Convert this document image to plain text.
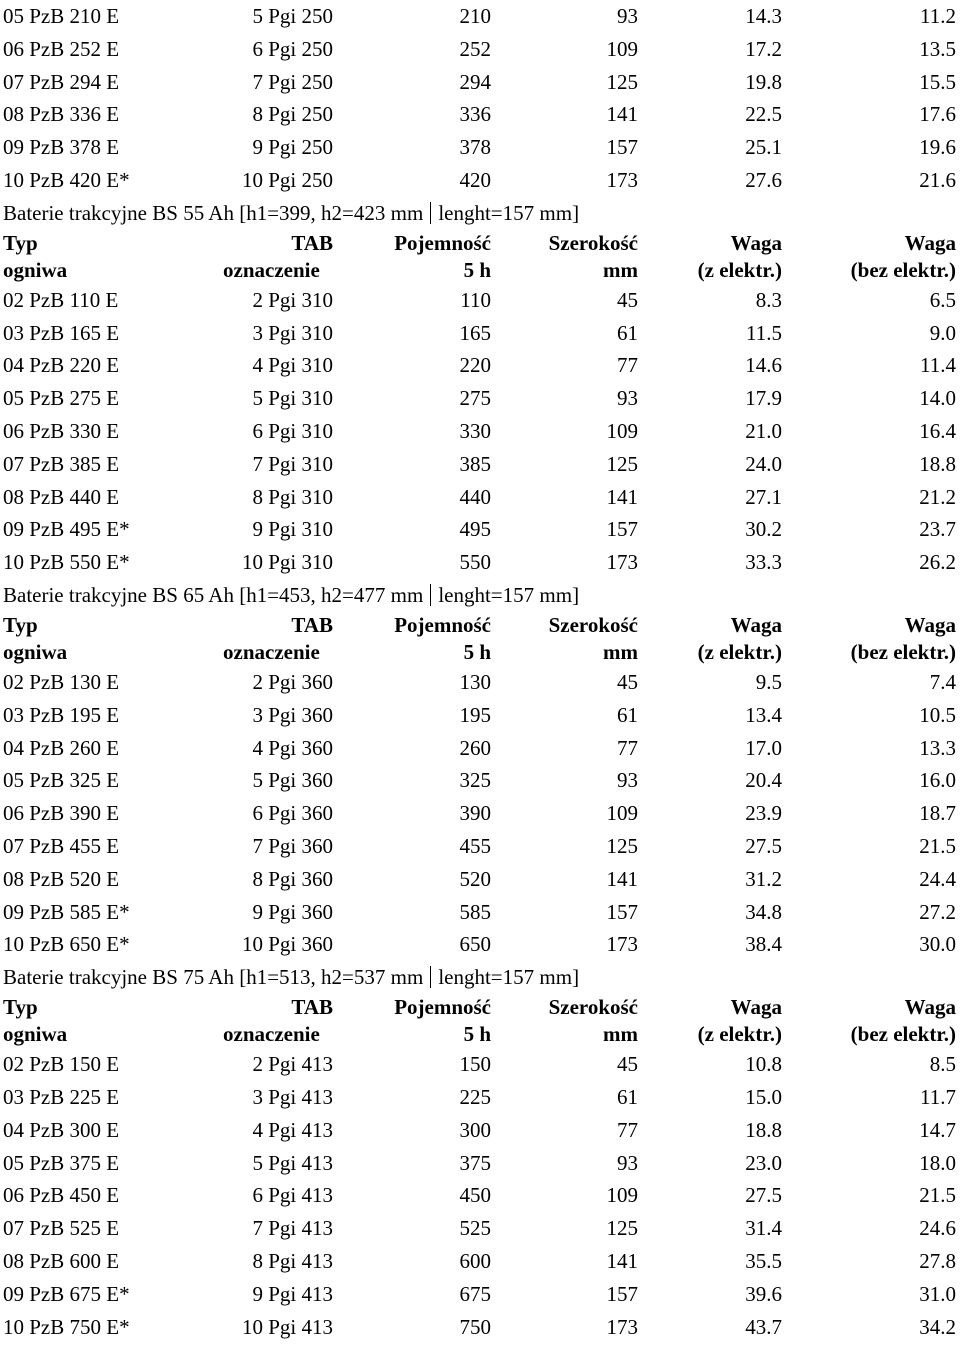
05 PzB 210 E	5 Pgi 250	210	93	14.3	11.2
06 PzB 252 E	6 Pgi 250	252	109	17.2	13.5
07 PzB 294 E	7 Pgi 250	294	125	19.8	15.5
08 PzB 336 E	8 Pgi 250	336	141	22.5	17.6
09 PzB 378 E	9 Pgi 250	378	157	25.1	19.6
10 PzB 420 E*	10 Pgi 250	420	173	27.6	21.6
Baterie trakcyjne BS 55 Ah [h1=399, h2=423 mm lenght=157 mm]
Typ	TAB	Pojemność	Szerokość	Waga	Waga
ogniwa	oznaczenie	5 h	mm	(z elektr.)	(bez elektr.)
02 PzB 110 E	2 Pgi 310	110	45	8.3	6.5
03 PzB 165 E	3 Pgi 310	165	61	11.5	9.0
04 PzB 220 E	4 Pgi 310	220	77	14.6	11.4
05 PzB 275 E	5 Pgi 310	275	93	17.9	14.0
06 PzB 330 E	6 Pgi 310	330	109	21.0	16.4
07 PzB 385 E	7 Pgi 310	385	125	24.0	18.8
08 PzB 440 E	8 Pgi 310	440	141	27.1	21.2
09 PzB 495 E*	9 Pgi 310	495	157	30.2	23.7
10 PzB 550 E*	10 Pgi 310	550	173	33.3	26.2
Baterie trakcyjne BS 65 Ah [h1=453, h2=477 mm lenght=157 mm]
Typ	TAB	Pojemność	Szerokość	Waga	Waga
ogniwa	oznaczenie	5 h	mm	(z elektr.)	(bez elektr.)
02 PzB 130 E	2 Pgi 360	130	45	9.5	7.4
03 PzB 195 E	3 Pgi 360	195	61	13.4	10.5
04 PzB 260 E	4 Pgi 360	260	77	17.0	13.3
05 PzB 325 E	5 Pgi 360	325	93	20.4	16.0
06 PzB 390 E	6 Pgi 360	390	109	23.9	18.7
07 PzB 455 E	7 Pgi 360	455	125	27.5	21.5
08 PzB 520 E	8 Pgi 360	520	141	31.2	24.4
09 PzB 585 E*	9 Pgi 360	585	157	34.8	27.2
10 PzB 650 E*	10 Pgi 360	650	173	38.4	30.0
Baterie trakcyjne BS 75 Ah [h1=513, h2=537 mm lenght=157 mm]
Typ	TAB	Pojemność	Szerokość	Waga	Waga
ogniwa	oznaczenie	5 h	mm	(z elektr.)	(bez elektr.)
02 PzB 150 E	2 Pgi 413	150	45	10.8	8.5
03 PzB 225 E	3 Pgi 413	225	61	15.0	11.7
04 PzB 300 E	4 Pgi 413	300	77	18.8	14.7
05 PzB 375 E	5 Pgi 413	375	93	23.0	18.0
06 PzB 450 E	6 Pgi 413	450	109	27.5	21.5
07 PzB 525 E	7 Pgi 413	525	125	31.4	24.6
08 PzB 600 E	8 Pgi 413	600	141	35.5	27.8
09 PzB 675 E*	9 Pgi 413	675	157	39.6	31.0
10 PzB 750 E*	10 Pgi 413	750	173	43.7	34.2
